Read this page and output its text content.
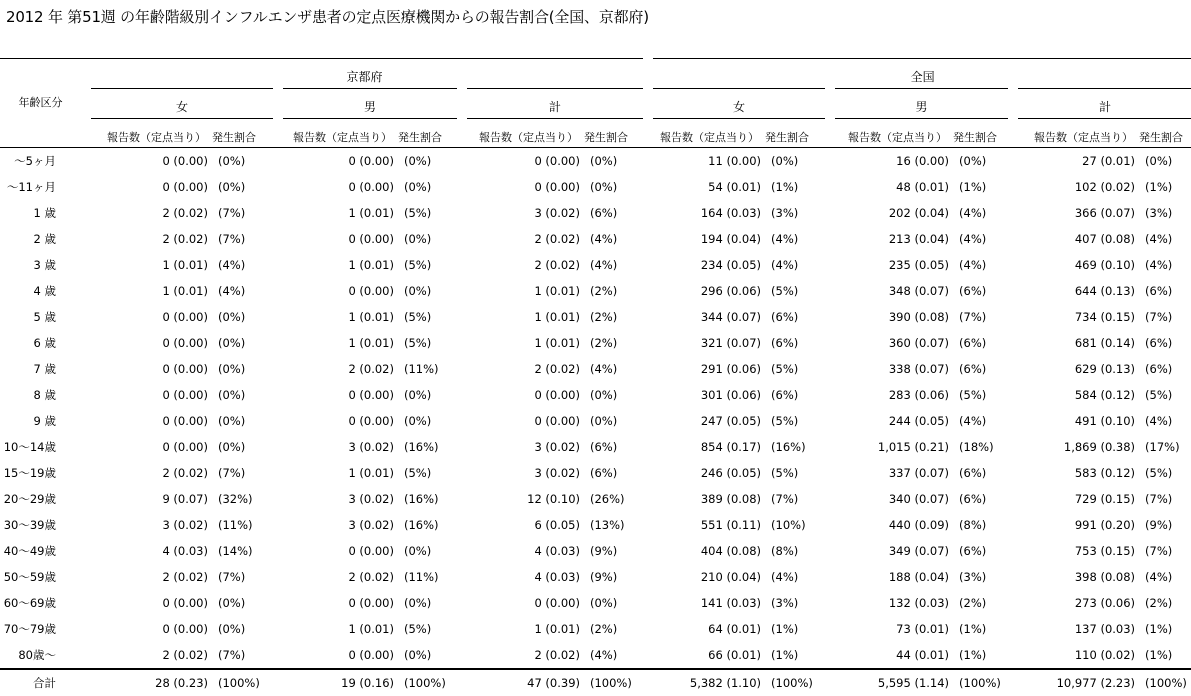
2012 年 第51週 の年齢階級別インフルエンザ患者の定点医療機関からの報告割合(全国、京都府)
	京都府						全国					
年齢区分	女		男		計		女		男		計	
	報告数（定点当り）	発生割合	報告数（定点当り）	発生割合	報告数（定点当り）	発生割合	報告数（定点当り）	発生割合	報告数（定点当り）	発生割合	報告数（定点当り）	発生割合
～5ヶ月	0 (0.00)	(0%)	0 (0.00)	(0%)	0 (0.00)	(0%)	11 (0.00)	(0%)	16 (0.00)	(0%)	27 (0.01)	(0%)
～11ヶ月	0 (0.00)	(0%)	0 (0.00)	(0%)	0 (0.00)	(0%)	54 (0.01)	(1%)	48 (0.01)	(1%)	102 (0.02)	(1%)
1 歳	2 (0.02)	(7%)	1 (0.01)	(5%)	3 (0.02)	(6%)	164 (0.03)	(3%)	202 (0.04)	(4%)	366 (0.07)	(3%)
2 歳	2 (0.02)	(7%)	0 (0.00)	(0%)	2 (0.02)	(4%)	194 (0.04)	(4%)	213 (0.04)	(4%)	407 (0.08)	(4%)
3 歳	1 (0.01)	(4%)	1 (0.01)	(5%)	2 (0.02)	(4%)	234 (0.05)	(4%)	235 (0.05)	(4%)	469 (0.10)	(4%)
4 歳	1 (0.01)	(4%)	0 (0.00)	(0%)	1 (0.01)	(2%)	296 (0.06)	(5%)	348 (0.07)	(6%)	644 (0.13)	(6%)
5 歳	0 (0.00)	(0%)	1 (0.01)	(5%)	1 (0.01)	(2%)	344 (0.07)	(6%)	390 (0.08)	(7%)	734 (0.15)	(7%)
6 歳	0 (0.00)	(0%)	1 (0.01)	(5%)	1 (0.01)	(2%)	321 (0.07)	(6%)	360 (0.07)	(6%)	681 (0.14)	(6%)
7 歳	0 (0.00)	(0%)	2 (0.02)	(11%)	2 (0.02)	(4%)	291 (0.06)	(5%)	338 (0.07)	(6%)	629 (0.13)	(6%)
8 歳	0 (0.00)	(0%)	0 (0.00)	(0%)	0 (0.00)	(0%)	301 (0.06)	(6%)	283 (0.06)	(5%)	584 (0.12)	(5%)
9 歳	0 (0.00)	(0%)	0 (0.00)	(0%)	0 (0.00)	(0%)	247 (0.05)	(5%)	244 (0.05)	(4%)	491 (0.10)	(4%)
10～14歳	0 (0.00)	(0%)	3 (0.02)	(16%)	3 (0.02)	(6%)	854 (0.17)	(16%)	1,015 (0.21)	(18%)	1,869 (0.38)	(17%)
15～19歳	2 (0.02)	(7%)	1 (0.01)	(5%)	3 (0.02)	(6%)	246 (0.05)	(5%)	337 (0.07)	(6%)	583 (0.12)	(5%)
20～29歳	9 (0.07)	(32%)	3 (0.02)	(16%)	12 (0.10)	(26%)	389 (0.08)	(7%)	340 (0.07)	(6%)	729 (0.15)	(7%)
30～39歳	3 (0.02)	(11%)	3 (0.02)	(16%)	6 (0.05)	(13%)	551 (0.11)	(10%)	440 (0.09)	(8%)	991 (0.20)	(9%)
40～49歳	4 (0.03)	(14%)	0 (0.00)	(0%)	4 (0.03)	(9%)	404 (0.08)	(8%)	349 (0.07)	(6%)	753 (0.15)	(7%)
50～59歳	2 (0.02)	(7%)	2 (0.02)	(11%)	4 (0.03)	(9%)	210 (0.04)	(4%)	188 (0.04)	(3%)	398 (0.08)	(4%)
60～69歳	0 (0.00)	(0%)	0 (0.00)	(0%)	0 (0.00)	(0%)	141 (0.03)	(3%)	132 (0.03)	(2%)	273 (0.06)	(2%)
70～79歳	0 (0.00)	(0%)	1 (0.01)	(5%)	1 (0.01)	(2%)	64 (0.01)	(1%)	73 (0.01)	(1%)	137 (0.03)	(1%)
80歳～	2 (0.02)	(7%)	0 (0.00)	(0%)	2 (0.02)	(4%)	66 (0.01)	(1%)	44 (0.01)	(1%)	110 (0.02)	(1%)
合計	28 (0.23)	(100%)	19 (0.16)	(100%)	47 (0.39)	(100%)	5,382 (1.10)	(100%)	5,595 (1.14)	(100%)	10,977 (2.23)	(100%)
